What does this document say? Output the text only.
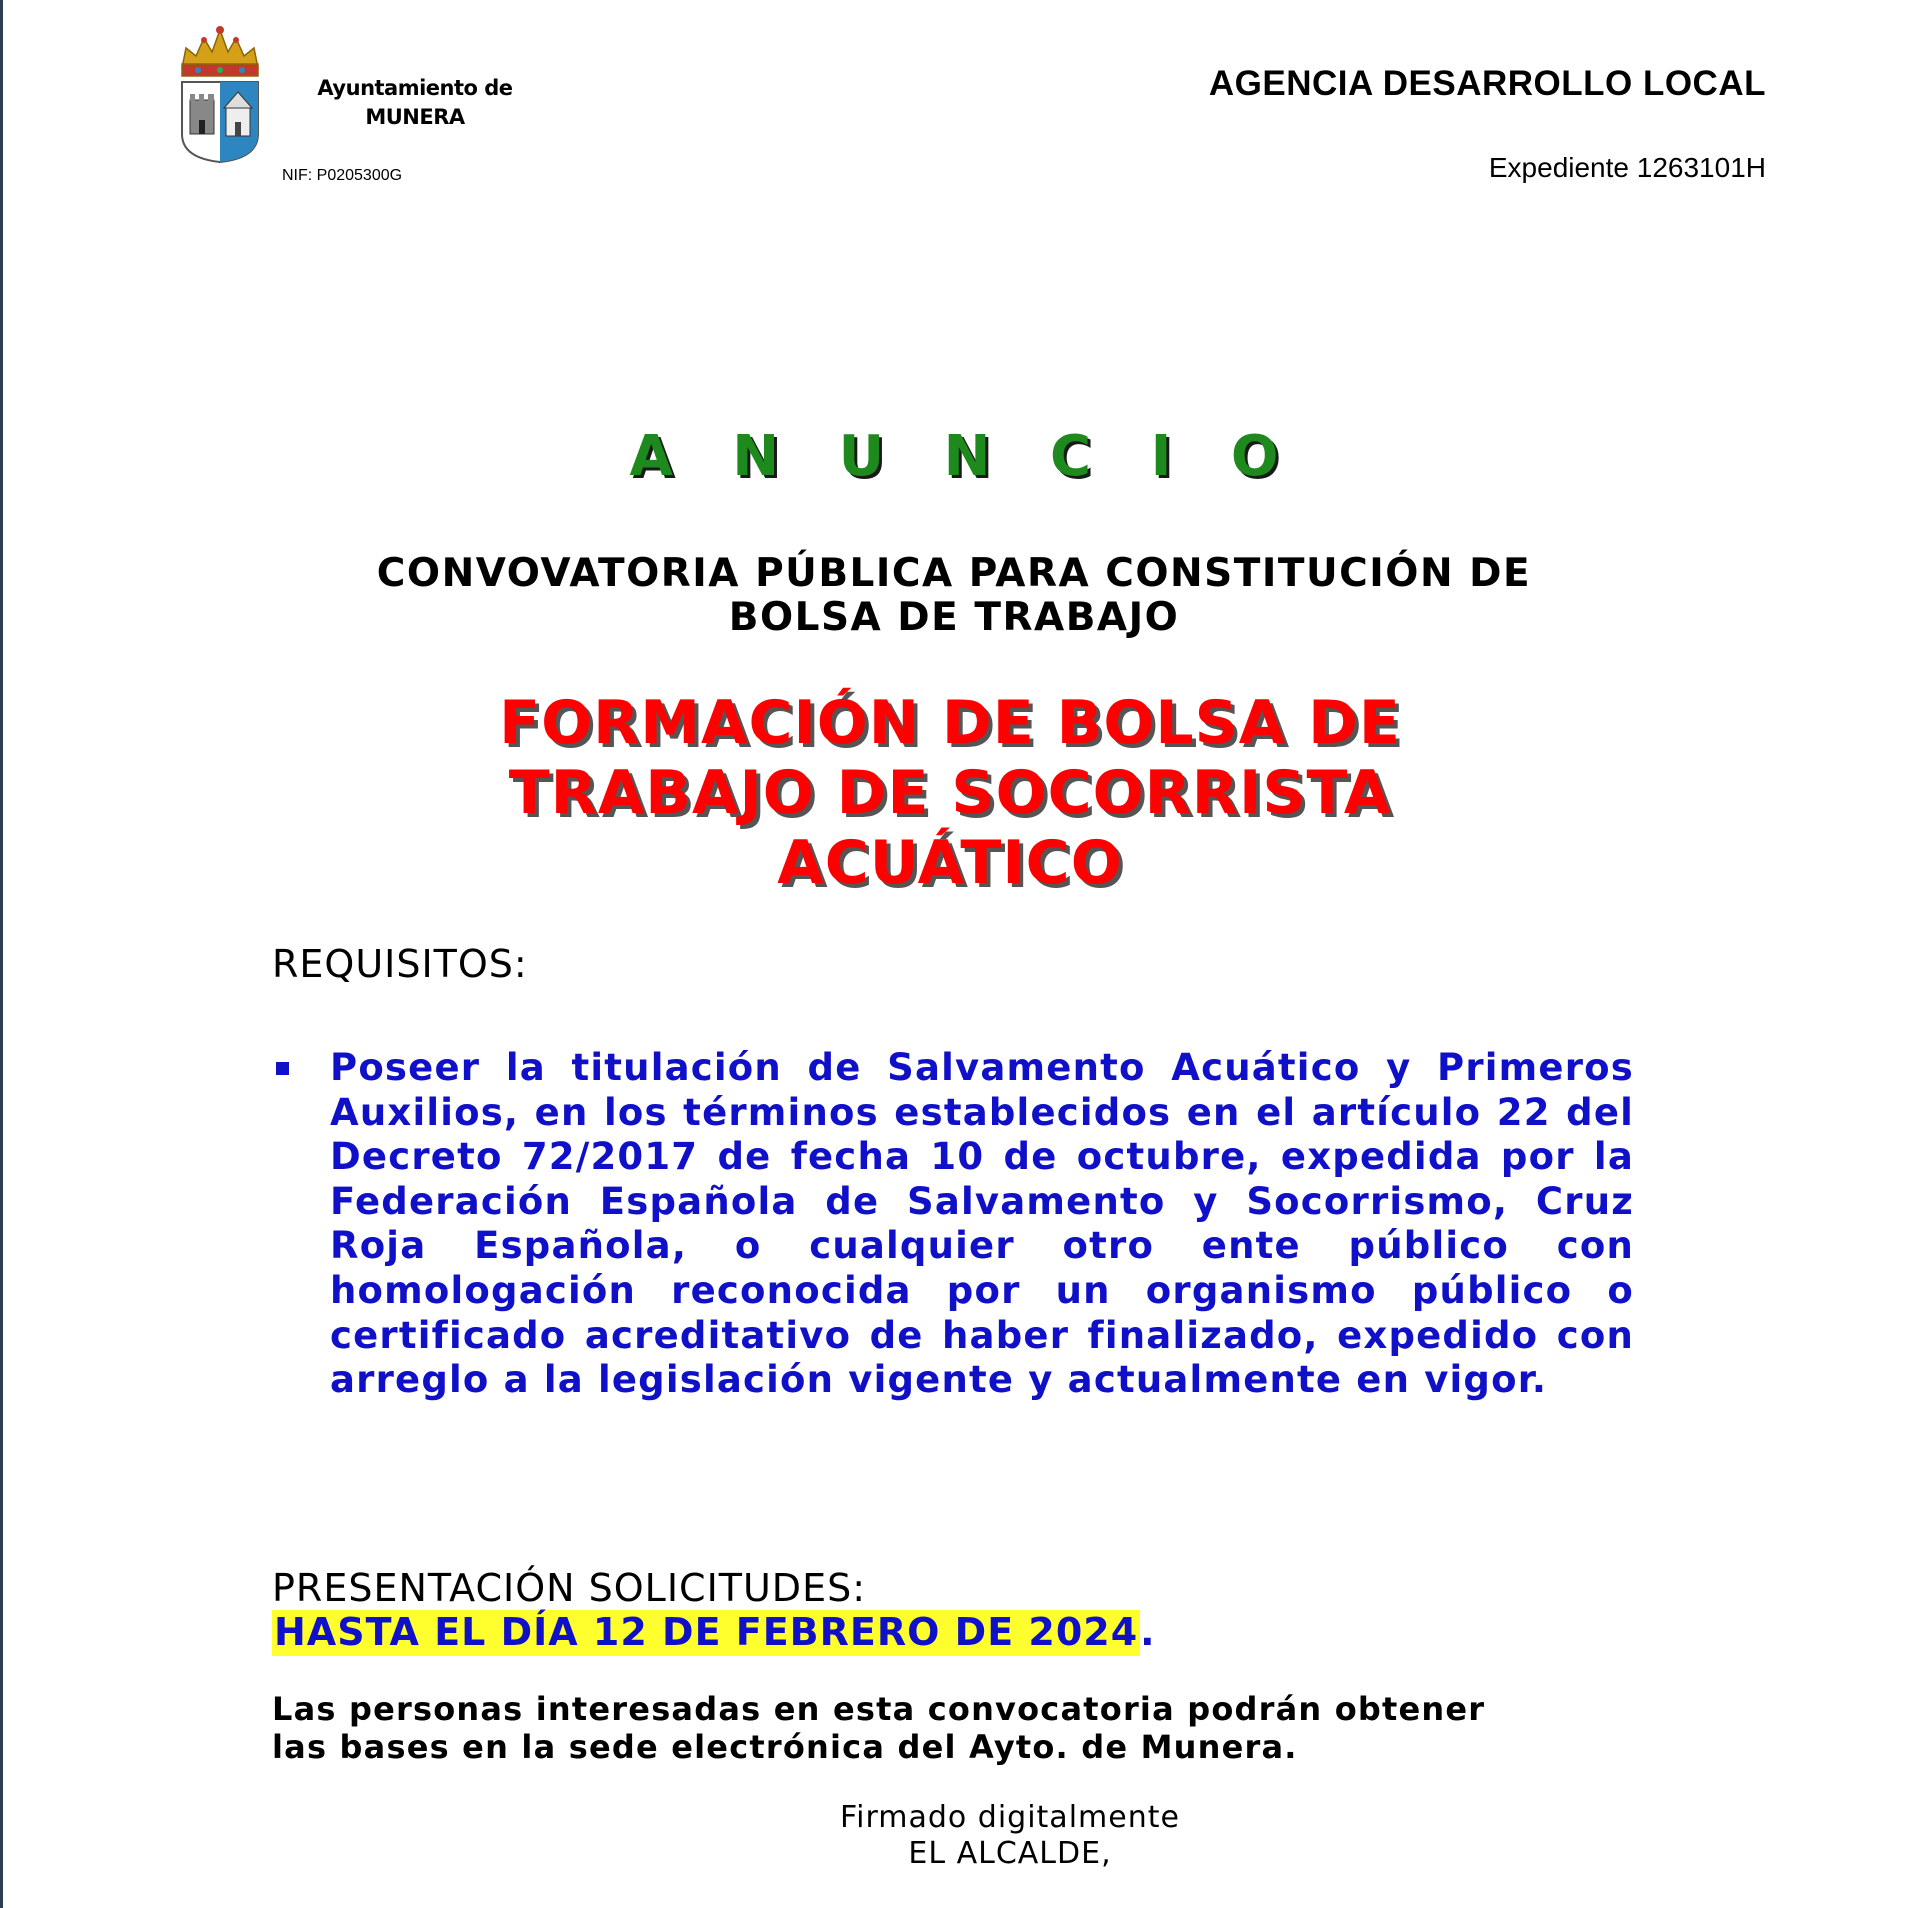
Ayuntamiento de
MUNERA
NIF: P0205300G
AGENCIA DESARROLLO LOCAL
Expediente 1263101H
A N U N C I O
CONVOVATORIA PÚBLICA PARA CONSTITUCIÓN DE
BOLSA DE TRABAJO
FORMACIÓN DE BOLSA DE
TRABAJO DE SOCORRISTA
ACUÁTICO
REQUISITOS:
Poseer la titulación de Salvamento Acuático y Primeros Auxilios, en los términos establecidos en el artículo 22 del Decreto 72/2017 de fecha 10 de octubre, expedida por la Federación Española de Salvamento y Socorrismo, Cruz Roja Española, o cualquier otro ente público con homologación reconocida por un organismo público o certificado acreditativo de haber finalizado, expedido con arreglo a la legislación vigente y actualmente en vigor.
PRESENTACIÓN SOLICITUDES:
HASTA EL DÍA 12 DE FEBRERO DE 2024.
Las personas interesadas en esta convocatoria podrán obtener
las bases en la sede electrónica del Ayto. de Munera.
Firmado digitalmente
EL ALCALDE,
